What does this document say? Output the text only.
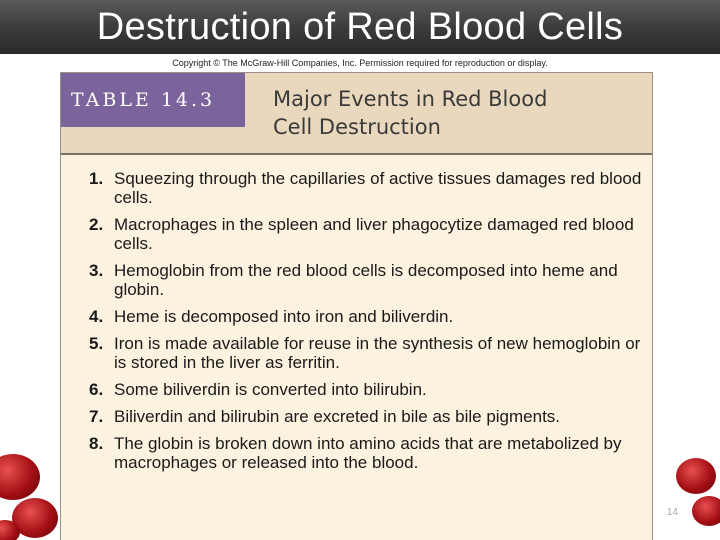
Destruction of Red Blood Cells
Copyright © The McGraw-Hill Companies, Inc. Permission required for reproduction or display.
TABLE 14.3	Major Events in Red Blood
Cell Destruction
1. Squeezing through the capillaries of active tissues damages red blood cells.
2. Macrophages in the spleen and liver phagocytize damaged red blood cells.
3. Hemoglobin from the red blood cells is decomposed into heme and globin.
4. Heme is decomposed into iron and biliverdin.
5. Iron is made available for reuse in the synthesis of new hemoglobin or is stored in the liver as ferritin.
6. Some biliverdin is converted into bilirubin.
7. Biliverdin and bilirubin are excreted in bile as bile pigments.
8. The globin is broken down into amino acids that are metabolized by macrophages or released into the blood.
14
